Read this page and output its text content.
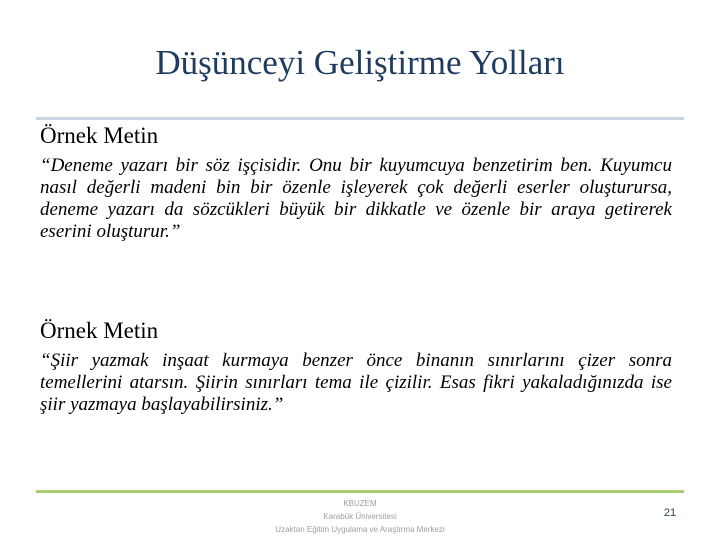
Düşünceyi Geliştirme Yolları

Örnek Metin

“Deneme yazarı bir söz işçisidir. Onu bir kuyumcuya benzetirim ben. Kuyumcu nasıl değerli madeni bin bir özenle işleyerek çok değerli eserler oluşturursa, deneme yazarı da sözcükleri büyük bir dikkatle ve özenle bir araya getirerek eserini oluşturur.”

Örnek Metin

“Şiir yazmak inşaat kurmaya benzer önce binanın sınırlarını çizer sonra temellerini atarsın. Şiirin sınırları tema ile çizilir. Esas fikri yakaladığınızda ise şiir yazmaya başlayabilirsiniz.”

KBUZEM
Karabük Üniversitesi
Uzaktan Eğitim Uygulama ve Araştırma Merkezi
21
